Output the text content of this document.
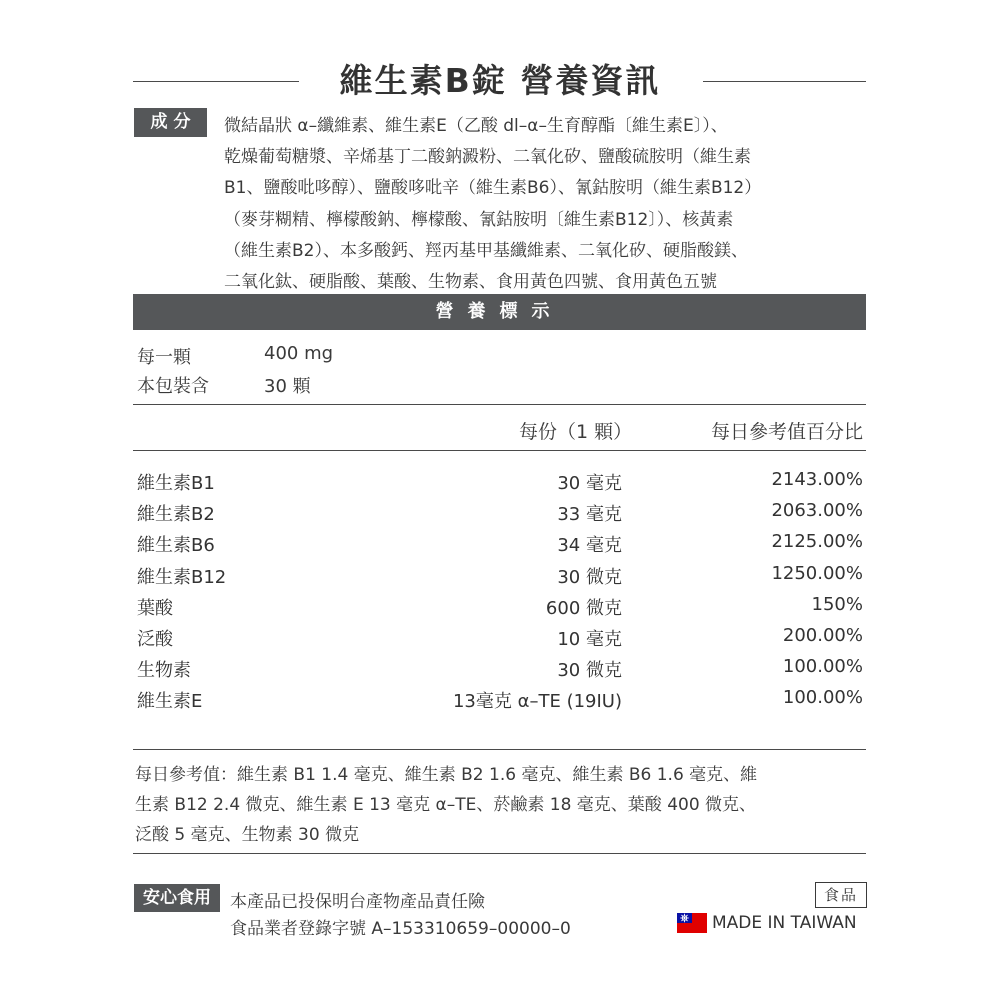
維生素B錠 營養資訊
成 分	微結晶狀 α–纖維素、維生素E（乙酸 dl–α–生育醇酯〔維生素E〕）、
乾燥葡萄糖漿、辛烯基丁二酸鈉澱粉、二氧化矽、鹽酸硫胺明（維生素
B1、鹽酸吡哆醇）、鹽酸哆吡辛（維生素B6）、氰鈷胺明（維生素B12）
（麥芽糊精、檸檬酸鈉、檸檬酸、氰鈷胺明〔維生素B12〕）、核黃素
（維生素B2）、本多酸鈣、羥丙基甲基纖維素、二氧化矽、硬脂酸鎂、
二氧化鈦、硬脂酸、葉酸、生物素、食用黃色四號、食用黃色五號
營養標示
每一顆	400 mg
本包裝含	30 顆
每份（1 顆）	每日參考值百分比
維生素B1	30 毫克	2143.00%
維生素B2	33 毫克	2063.00%
維生素B6	34 毫克	2125.00%
維生素B12	30 微克	1250.00%
葉酸	600 微克	150%
泛酸	10 毫克	200.00%
生物素	30 微克	100.00%
維生素E	13毫克 α–TE (19IU)	100.00%
每日參考值：維生素 B1 1.4 毫克、維生素 B2 1.6 毫克、維生素 B6 1.6 毫克、維
生素 B12 2.4 微克、維生素 E 13 毫克 α–TE、菸鹼素 18 毫克、葉酸 400 微克、
泛酸 5 毫克、生物素 30 微克
安心食用	本產品已投保明台產物產品責任險
食品業者登錄字號 A–153310659–00000–0
食品
MADE IN TAIWAN
